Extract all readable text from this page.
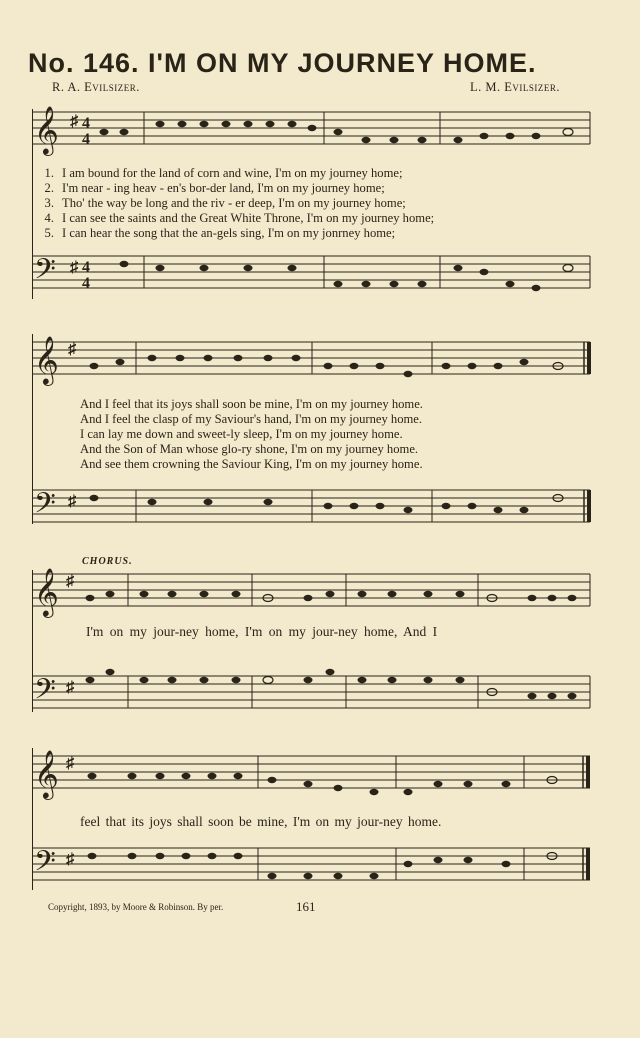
No. 146. I'M ON MY JOURNEY HOME.
R. A. Evilsizer.	L. M. Evilsizer.
𝄞
𝄢
♯
♯
4
4
4
4
1. I am bound for the land of corn and wine, I'm on my journey home;
2. I'm near - ing heav - en's bor-der land, I'm on my journey home;
3. Tho' the way be long and the riv - er deep, I'm on my journey home;
4. I can see the saints and the Great White Throne, I'm on my journey home;
5. I can hear the song that the an-gels sing, I'm on my jonrney home;
𝄞
𝄢
♯
♯
And I feel that its joys shall soon be mine, I'm on my journey home.
And I feel the clasp of my Saviour's hand, I'm on my journey home.
I can lay me down and sweet-ly sleep, I'm on my journey home.
And the Son of Man whose glo-ry shone, I'm on my journey home.
And see them crowning the Saviour King, I'm on my journey home.
CHORUS.
𝄞
𝄢
♯
♯
I'm on my jour-ney home, I'm on my jour-ney home, And I
𝄞
𝄢
♯
♯
feel that its joys shall soon be mine, I'm on my jour-ney home.
Copyright, 1893, by Moore & Robinson. By per.	161
